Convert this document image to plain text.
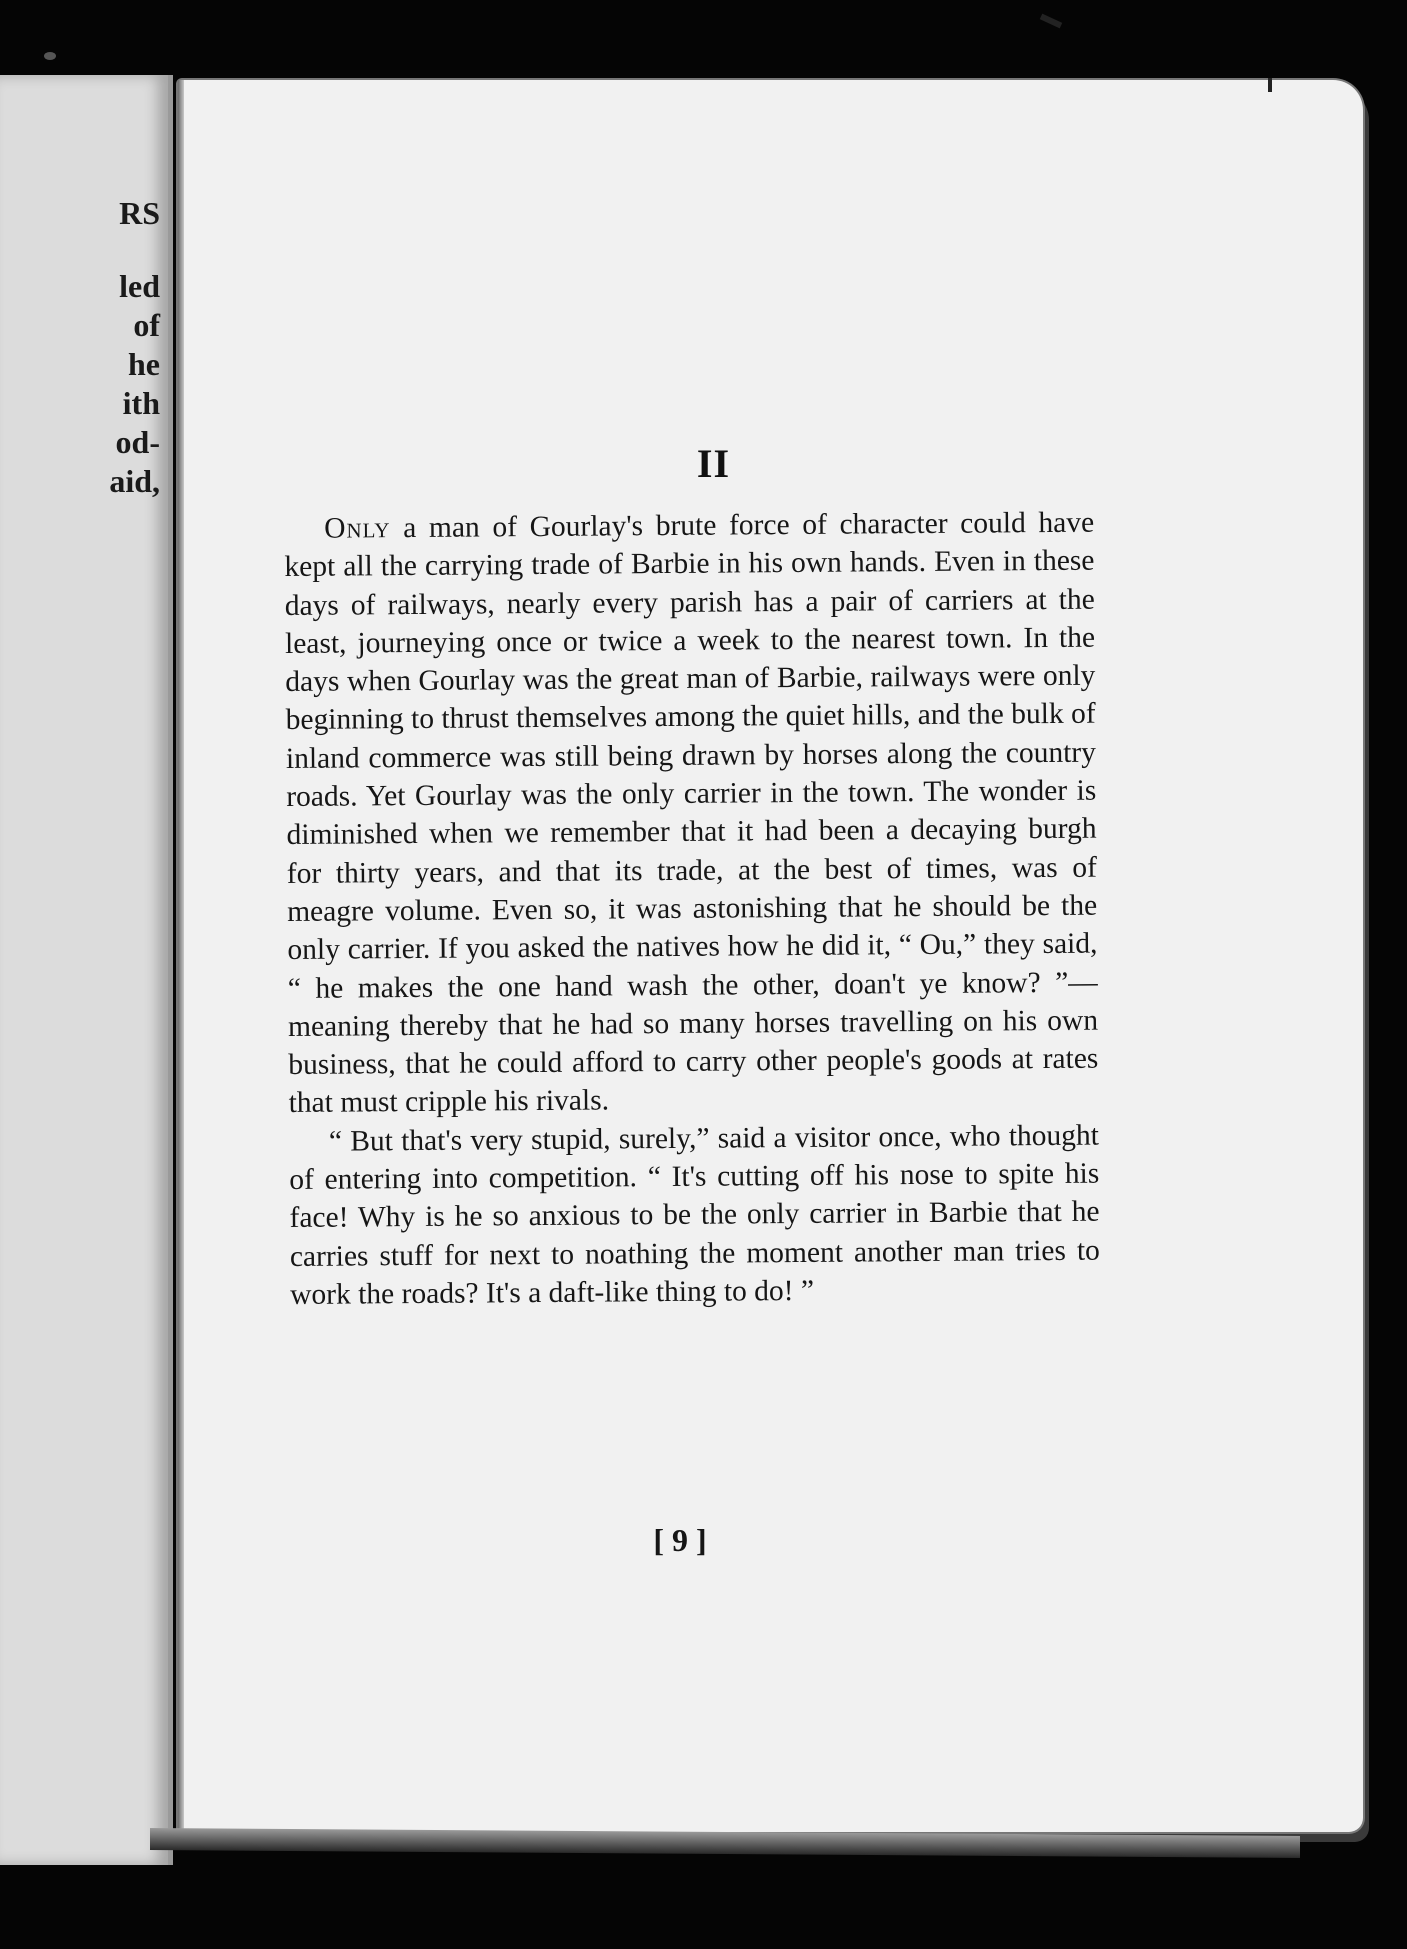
RS
led
of
he
ith
od-
aid,	II

Only a man of Gourlay's brute force of character could have kept all the carrying trade of Barbie in his own hands. Even in these days of railways, nearly every parish has a pair of carriers at the least, journeying once or twice a week to the nearest town. In the days when Gourlay was the great man of Barbie, railways were only beginning to thrust themselves among the quiet hills, and the bulk of inland commerce was still being drawn by horses along the country roads. Yet Gourlay was the only carrier in the town. The wonder is diminished when we remember that it had been a decaying burgh for thirty years, and that its trade, at the best of times, was of meagre volume. Even so, it was astonishing that he should be the only carrier. If you asked the natives how he did it, “ Ou,” they said, “ he makes the one hand wash the other, doan't ye know? ”—meaning thereby that he had so many horses travelling on his own business, that he could afford to carry other people's goods at rates that must cripple his rivals.

“ But that's very stupid, surely,” said a visitor once, who thought of entering into competition. “ It's cutting off his nose to spite his face! Why is he so anxious to be the only carrier in Barbie that he carries stuff for next to noathing the moment another man tries to work the roads? It's a daft-like thing to do! ”

[ 9 ]
